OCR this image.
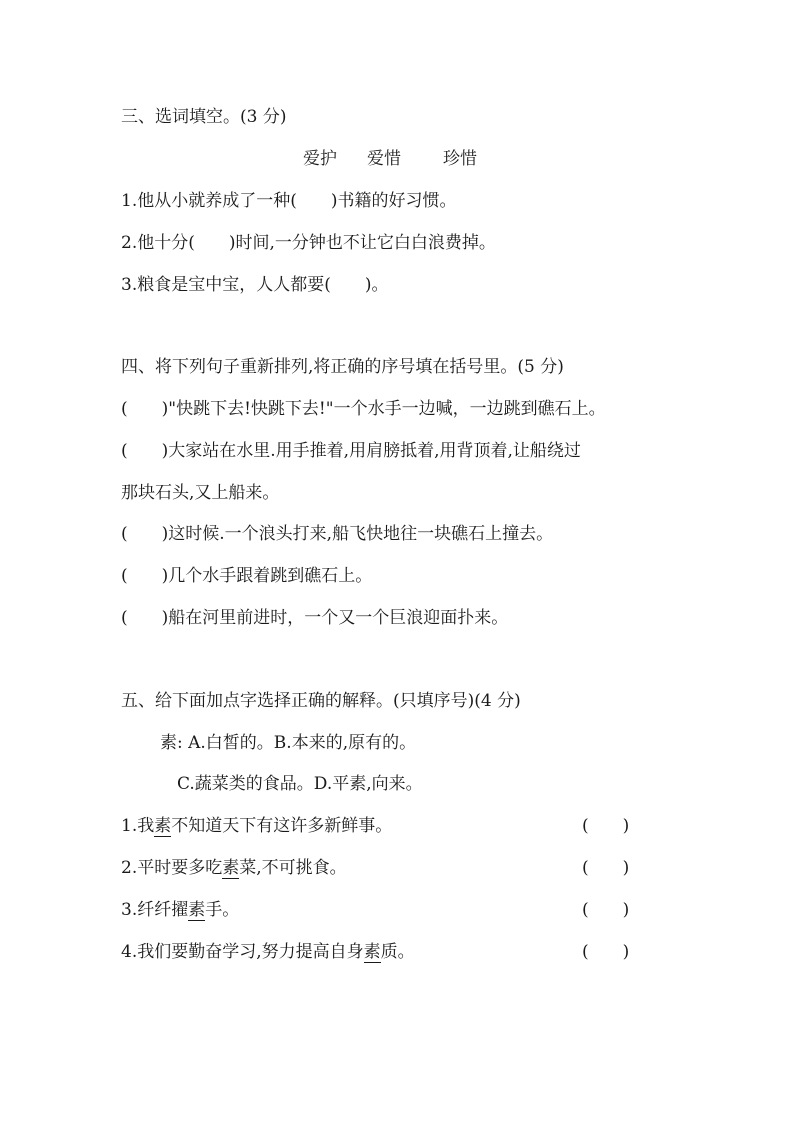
三、选词填空。(3 分)
爱护 爱惜 珍惜
1.他从小就养成了一种(　　)书籍的好习惯。
2.他十分(　　)时间,一分钟也不让它白白浪费掉。
3.粮食是宝中宝，人人都要(　　)。
四、将下列句子重新排列,将正确的序号填在括号里。(5 分)
(　　)"快跳下去!快跳下去!"一个水手一边喊，一边跳到礁石上。
(　　)大家站在水里.用手推着,用肩膀抵着,用背顶着,让船绕过
那块石头,又上船来。
(　　)这时候.一个浪头打来,船飞快地往一块礁石上撞去。
(　　)几个水手跟着跳到礁石上。
(　　)船在河里前进时，一个又一个巨浪迎面扑来。
五、给下面加点字选择正确的解释。(只填序号)(4 分)
素: A.白皙的。B.本来的,原有的。
C.蔬菜类的食品。D.平素,向来。
1.我素不知道天下有这许多新鲜事。	(　　)
2.平时要多吃素菜,不可挑食。	(　　)
3.纤纤擢素手。	(　　)
4.我们要勤奋学习,努力提高自身素质。	(　　)
